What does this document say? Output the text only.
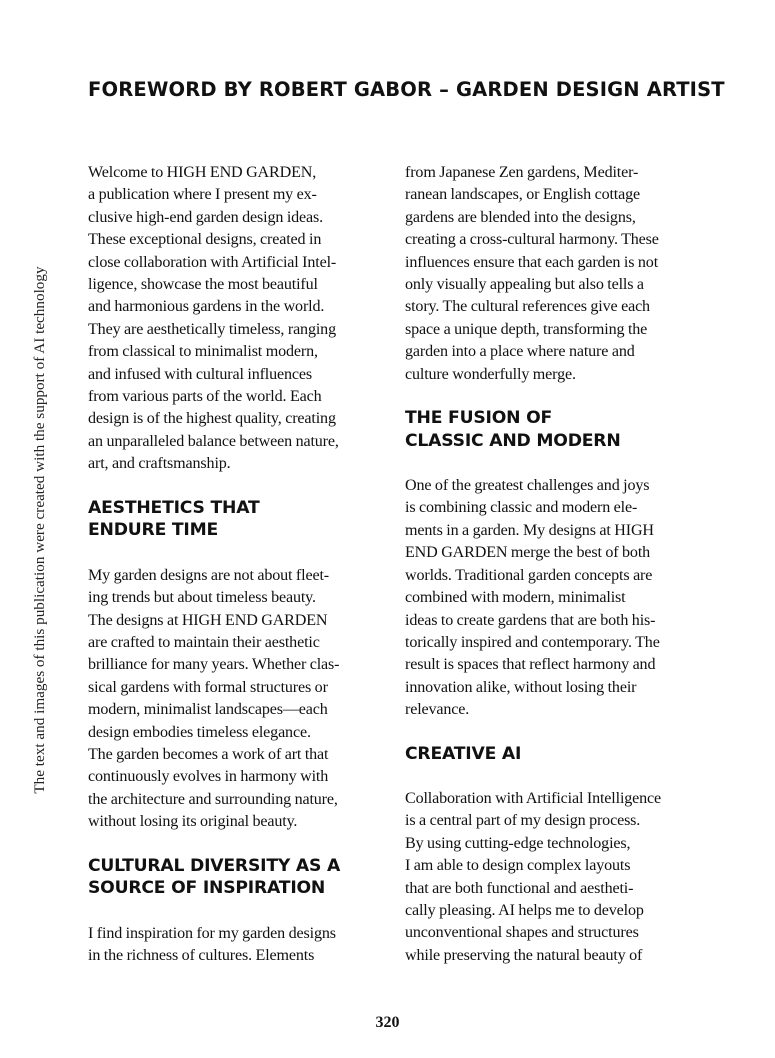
FOREWORD BY ROBERT GABOR – GARDEN DESIGN ARTIST
The text and images of this publication were created with the support of AI technology

Welcome to HIGH END GARDEN,
a publication where I present my ex-
clusive high-end garden design ideas.
These exceptional designs, created in
close collaboration with Artificial Intel-
ligence, showcase the most beautiful
and harmonious gardens in the world.
They are aesthetically timeless, ranging
from classical to minimalist modern,
and infused with cultural influences
from various parts of the world. Each
design is of the highest quality, creating
an unparalleled balance between nature,
art, and craftsmanship.

AESTHETICS THAT
ENDURE TIME

My garden designs are not about fleet-
ing trends but about timeless beauty.
The designs at HIGH END GARDEN
are crafted to maintain their aesthetic
brilliance for many years. Whether clas-
sical gardens with formal structures or
modern, minimalist landscapes—each
design embodies timeless elegance.
The garden becomes a work of art that
continuously evolves in harmony with
the architecture and surrounding nature,
without losing its original beauty.

CULTURAL DIVERSITY AS A
SOURCE OF INSPIRATION

I find inspiration for my garden designs
in the richness of cultures. Elements

from Japanese Zen gardens, Mediter-
ranean landscapes, or English cottage
gardens are blended into the designs,
creating a cross-cultural harmony. These
influences ensure that each garden is not
only visually appealing but also tells a
story. The cultural references give each
space a unique depth, transforming the
garden into a place where nature and
culture wonderfully merge.

THE FUSION OF
CLASSIC AND MODERN

One of the greatest challenges and joys
is combining classic and modern ele-
ments in a garden. My designs at HIGH
END GARDEN merge the best of both
worlds. Traditional garden concepts are
combined with modern, minimalist
ideas to create gardens that are both his-
torically inspired and contemporary. The
result is spaces that reflect harmony and
innovation alike, without losing their
relevance.

CREATIVE AI

Collaboration with Artificial Intelligence
is a central part of my design process.
By using cutting-edge technologies,
I am able to design complex layouts
that are both functional and aestheti-
cally pleasing. AI helps me to develop
unconventional shapes and structures
while preserving the natural beauty of

320
